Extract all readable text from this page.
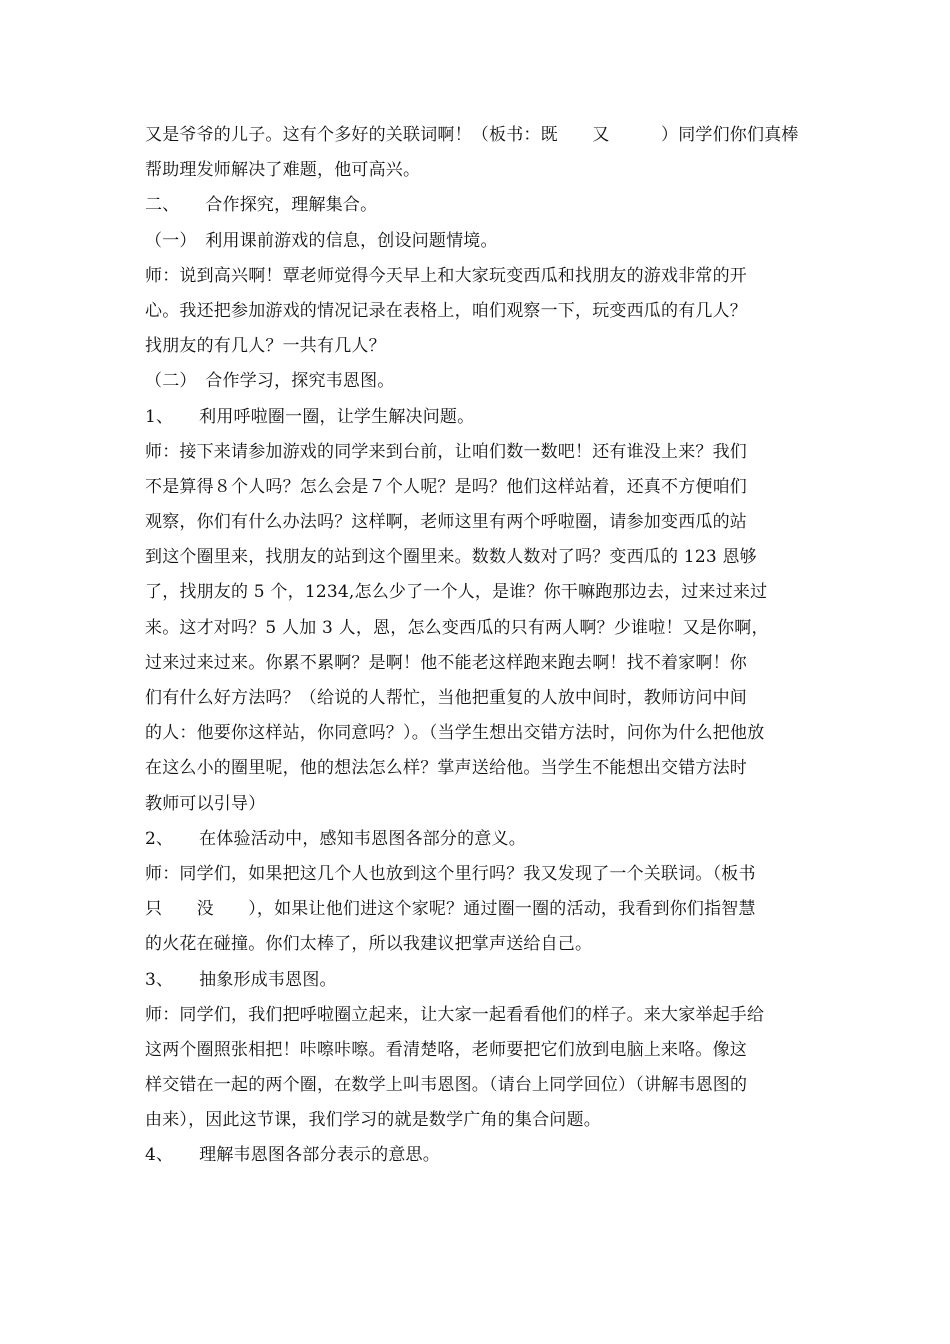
又是爷爷的儿子。这有个多好的关联词啊！（板书：既　　又　　　）同学们你们真棒
帮助理发师解决了难题，他可高兴。
二、　　合作探究，理解集合。
（一）　利用课前游戏的信息，创设问题情境。
师：说到高兴啊！覃老师觉得今天早上和大家玩变西瓜和找朋友的游戏非常的开
心。我还把参加游戏的情况记录在表格上，咱们观察一下，玩变西瓜的有几人？
找朋友的有几人？一共有几人？
（二）　合作学习，探究韦恩图。
1、　　利用呼啦圈一圈，让学生解决问题。
师：接下来请参加游戏的同学来到台前，让咱们数一数吧！还有谁没上来？我们
不是算得８个人吗？怎么会是７个人呢？是吗？他们这样站着，还真不方便咱们
观察，你们有什么办法吗？这样啊，老师这里有两个呼啦圈，请参加变西瓜的站
到这个圈里来，找朋友的站到这个圈里来。数数人数对了吗？变西瓜的 123 恩够
了，找朋友的 5 个，1234,怎么少了一个人，是谁？你干嘛跑那边去，过来过来过
来。这才对吗？5 人加 3 人，恩，怎么变西瓜的只有两人啊？少谁啦！又是你啊，
过来过来过来。你累不累啊？是啊！他不能老这样跑来跑去啊！找不着家啊！你
们有什么好方法吗？（给说的人帮忙，当他把重复的人放中间时，教师访问中间
的人：他要你这样站，你同意吗？）。（当学生想出交错方法时，问你为什么把他放
在这么小的圈里呢，他的想法怎么样？掌声送给他。当学生不能想出交错方法时
教师可以引导）
2、　　在体验活动中，感知韦恩图各部分的意义。
师：同学们，如果把这几个人也放到这个里行吗？我又发现了一个关联词。（板书
只　　没　　），如果让他们进这个家呢？通过圈一圈的活动，我看到你们指智慧
的火花在碰撞。你们太棒了，所以我建议把掌声送给自己。
3、　　抽象形成韦恩图。
师：同学们，我们把呼啦圈立起来，让大家一起看看他们的样子。来大家举起手给
这两个圈照张相把！咔嚓咔嚓。看清楚咯，老师要把它们放到电脑上来咯。像这
样交错在一起的两个圈，在数学上叫韦恩图。（请台上同学回位）（讲解韦恩图的
由来），因此这节课，我们学习的就是数学广角的集合问题。
4、　　理解韦恩图各部分表示的意思。
